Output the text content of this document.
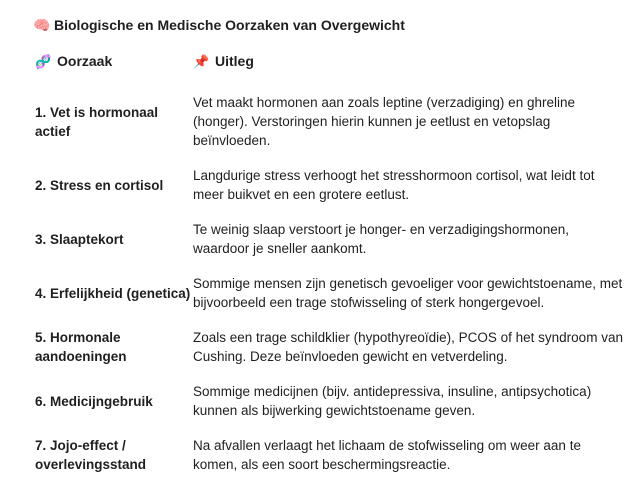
🧠 Biologische en Medische Oorzaken van Overgewicht
🧬 Oorzaak	📌 Uitleg
1. Vet is hormonaal actief	Vet maakt hormonen aan zoals leptine (verzadiging) en ghreline (honger). Verstoringen hierin kunnen je eetlust en vetopslag beïnvloeden.
2. Stress en cortisol	Langdurige stress verhoogt het stresshormoon cortisol, wat leidt tot meer buikvet en een grotere eetlust.
3. Slaaptekort	Te weinig slaap verstoort je honger- en verzadigingshormonen, waardoor je sneller aankomt.
4. Erfelijkheid (genetica)	Sommige mensen zijn genetisch gevoeliger voor gewichtstoename, met bijvoorbeeld een trage stofwisseling of sterk hongergevoel.
5. Hormonale aandoeningen	Zoals een trage schildklier (hypothyreoïdie), PCOS of het syndroom van Cushing. Deze beïnvloeden gewicht en vetverdeling.
6. Medicijngebruik	Sommige medicijnen (bijv. antidepressiva, insuline, antipsychotica) kunnen als bijwerking gewichtstoename geven.
7. Jojo-effect / overlevingsstand	Na afvallen verlaagt het lichaam de stofwisseling om weer aan te komen, als een soort beschermingsreactie.
